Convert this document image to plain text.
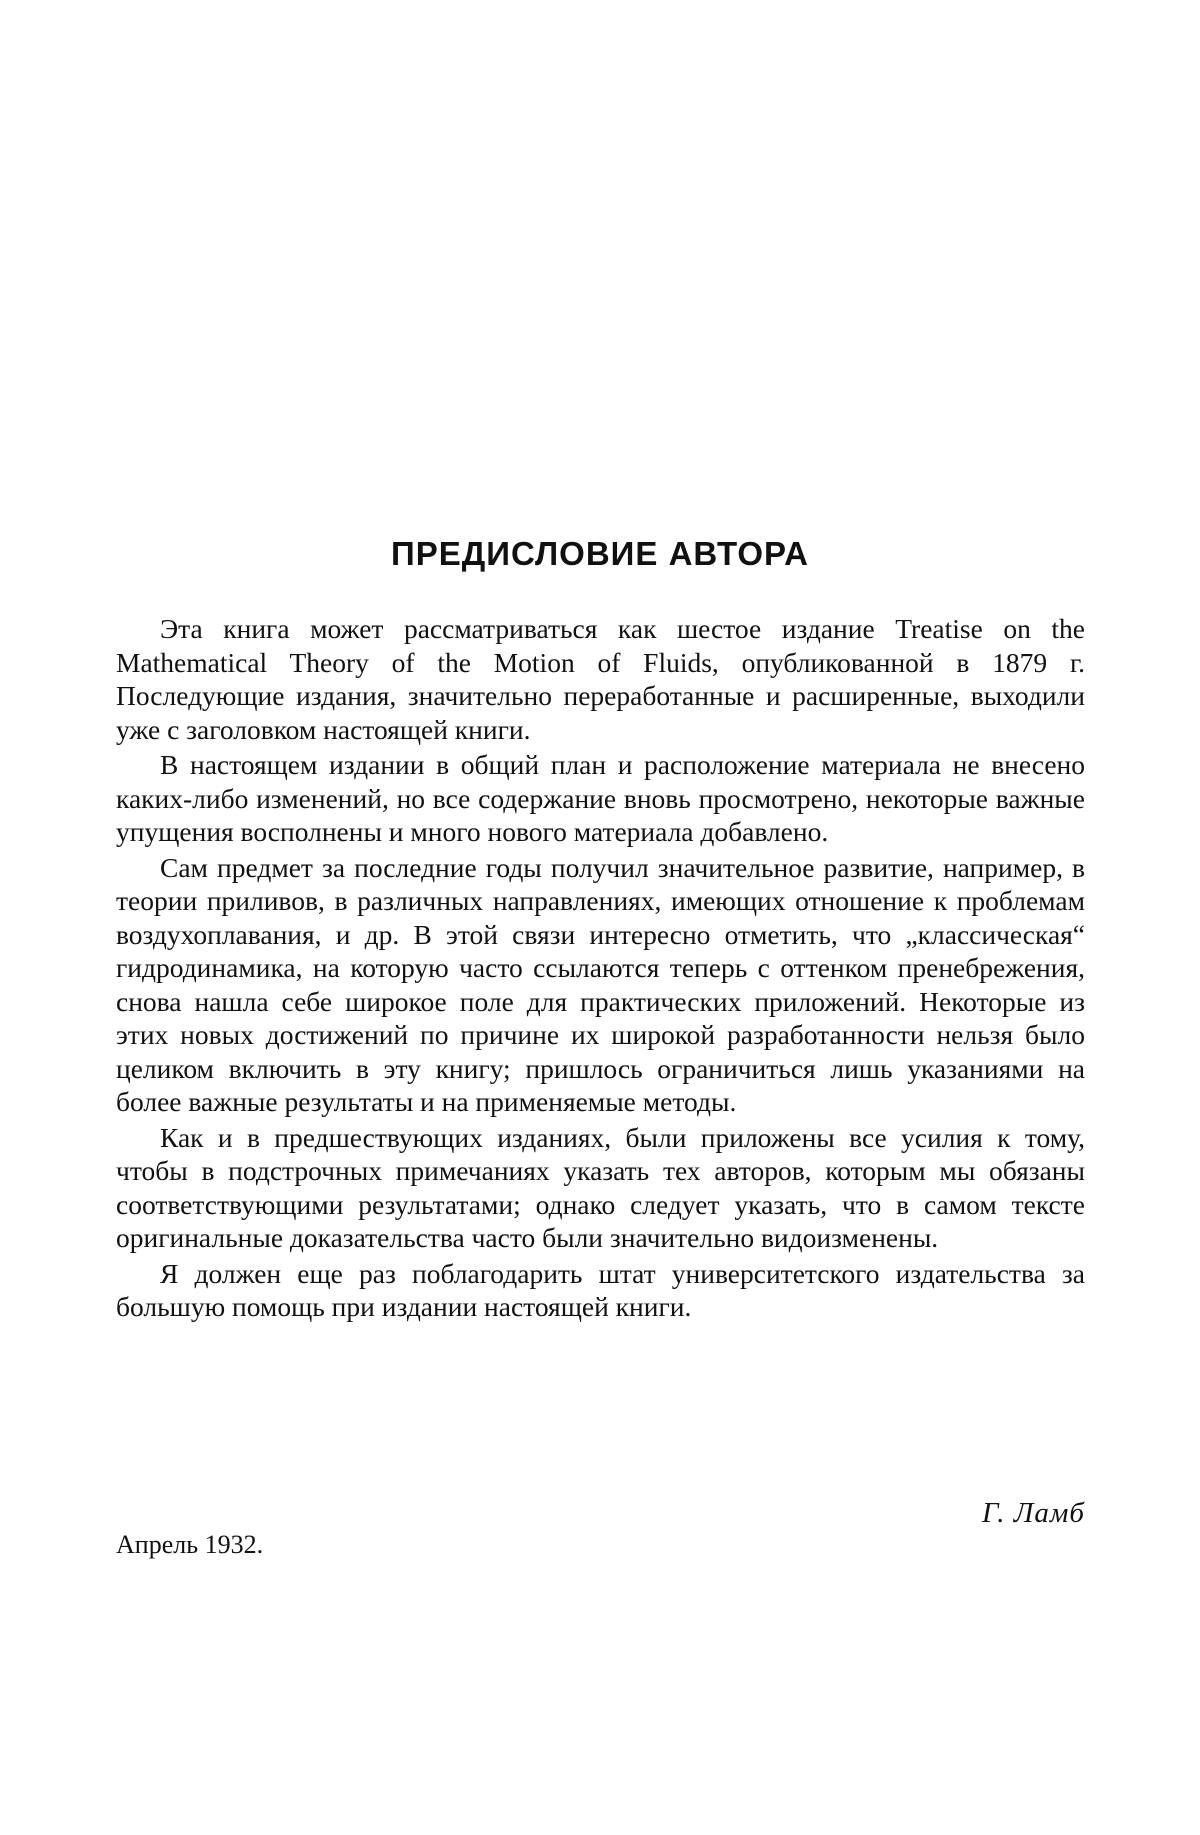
ПРЕДИСЛОВИЕ АВТОРА

Эта книга может рассматриваться как шестое издание Treatise on the Mathematical Theory of the Motion of Fluids, опубликованной в 1879 г. Последующие издания, значительно переработанные и расширенные, выходили уже с заголовком настоящей книги.

В настоящем издании в общий план и расположение материала не внесено каких-либо изменений, но все содержание вновь просмотрено, некоторые важные упущения восполнены и много нового материала добавлено.

Сам предмет за последние годы получил значительное развитие, например, в теории приливов, в различных направлениях, имеющих отношение к проблемам воздухоплавания, и др. В этой связи интересно отметить, что „классическая“ гидродинамика, на которую часто ссылаются теперь с оттенком пренебрежения, снова нашла себе широкое поле для практических приложений. Некоторые из этих новых достижений по причине их широкой разработанности нельзя было целиком включить в эту книгу; пришлось ограничиться лишь указаниями на более важные результаты и на применяемые методы.

Как и в предшествующих изданиях, были приложены все усилия к тому, чтобы в подстрочных примечаниях указать тех авторов, которым мы обязаны соответствующими результатами; однако следует указать, что в самом тексте оригинальные доказательства часто были значительно видоизменены.

Я должен еще раз поблагодарить штат университетского издательства за большую помощь при издании настоящей книги.

Г. Ламб
Апрель 1932.
